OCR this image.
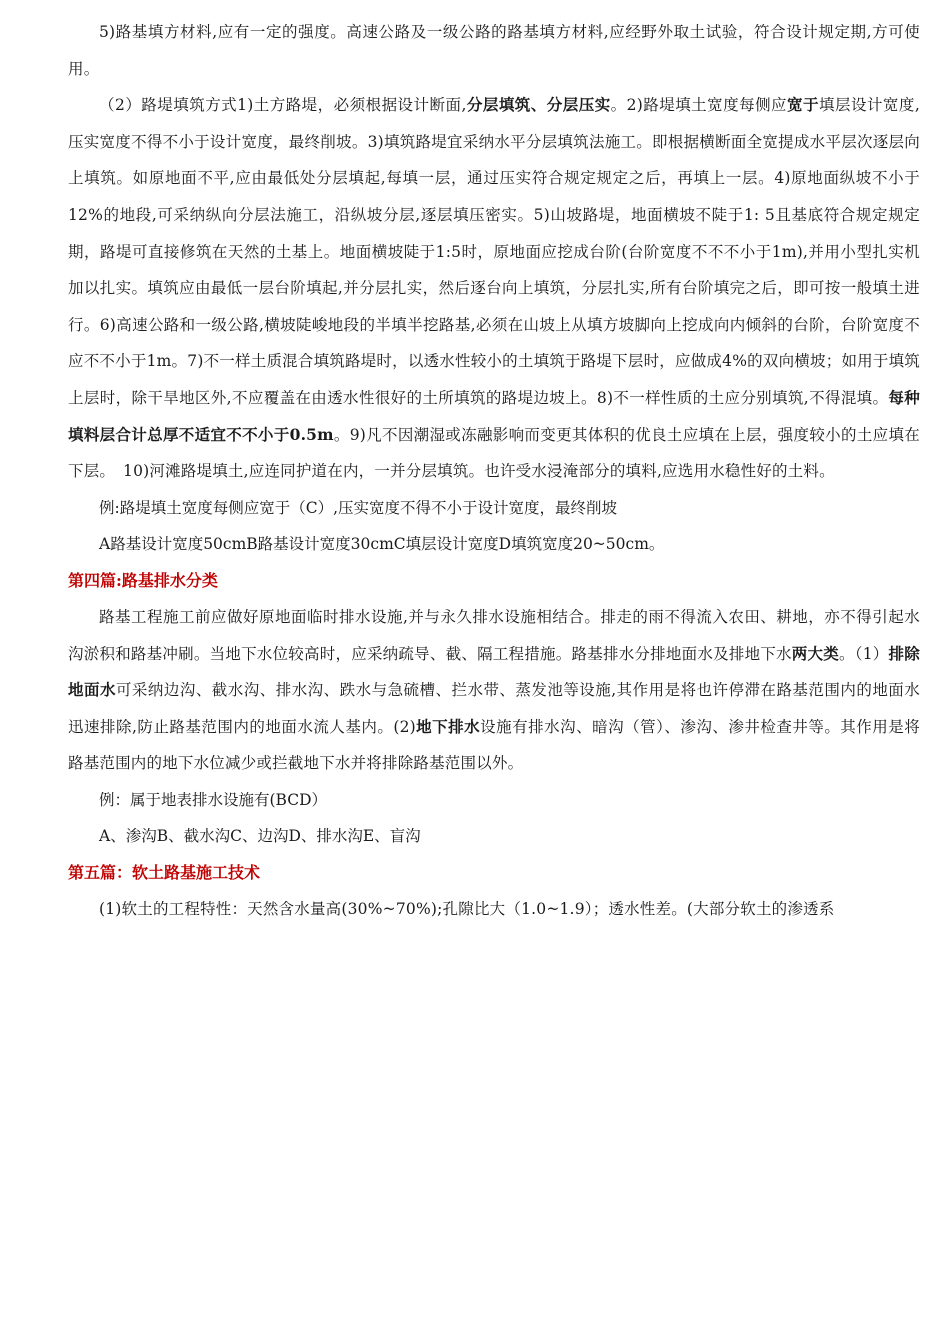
5)路基填方材料,应有一定的强度。高速公路及一级公路的路基填方材料,应经野外取土试验，符合设计规定期,方可使用。

（2）路堤填筑方式1)土方路堤，必须根据设计断面,分层填筑、分层压实。2)路堤填土宽度每侧应宽于填层设计宽度,压实宽度不得不小于设计宽度，最终削坡。3)填筑路堤宜采纳水平分层填筑法施工。即根据横断面全宽提成水平层次逐层向上填筑。如原地面不平,应由最低处分层填起,每填一层，通过压实符合规定规定之后，再填上一层。4)原地面纵坡不小于12%的地段,可采纳纵向分层法施工，沿纵坡分层,逐层填压密实。5)山坡路堤，地面横坡不陡于1: 5且基底符合规定规定期，路堤可直接修筑在天然的土基上。地面横坡陡于1:5时，原地面应挖成台阶(台阶宽度不不不小于1m),并用小型扎实机加以扎实。填筑应由最低一层台阶填起,并分层扎实，然后逐台向上填筑，分层扎实,所有台阶填完之后，即可按一般填土进行。6)高速公路和一级公路,横坡陡峻地段的半填半挖路基,必须在山坡上从填方坡脚向上挖成向内倾斜的台阶，台阶宽度不应不不小于1m。7)不一样土质混合填筑路堤时，以透水性较小的土填筑于路堤下层时，应做成4%的双向横坡；如用于填筑上层时，除干旱地区外,不应覆盖在由透水性很好的土所填筑的路堤边坡上。8)不一样性质的土应分别填筑,不得混填。每种填料层合计总厚不适宜不不小于0.5m。9)凡不因潮湿或冻融影响而变更其体积的优良土应填在上层，强度较小的土应填在下层。　10)河滩路堤填土,应连同护道在内，一并分层填筑。也许受水浸淹部分的填料,应选用水稳性好的土料。

例:路堤填土宽度每侧应宽于（C）,压实宽度不得不小于设计宽度，最终削坡

A路基设计宽度50cmB路基设计宽度30cmC填层设计宽度D填筑宽度20~50cm。

第四篇:路基排水分类

路基工程施工前应做好原地面临时排水设施,并与永久排水设施相结合。排走的雨不得流入农田、耕地，亦不得引起水沟淤积和路基冲刷。当地下水位较高时，应采纳疏导、截、隔工程措施。路基排水分排地面水及排地下水两大类。（1）排除地面水可采纳边沟、截水沟、排水沟、跌水与急硫槽、拦水带、蒸发池等设施,其作用是将也许停滞在路基范围内的地面水迅速排除,防止路基范围内的地面水流人基内。(2)地下排水设施有排水沟、暗沟（管）、渗沟、渗井检查井等。其作用是将路基范围内的地下水位减少或拦截地下水并将排除路基范围以外。

例：属于地表排水设施有(BCD）

A、渗沟B、截水沟C、边沟D、排水沟E、盲沟

第五篇：软土路基施工技术

(1)软土的工程特性：天然含水量高(30%~70%);孔隙比大（1.0~1.9）；透水性差。(大部分软土的渗透系
